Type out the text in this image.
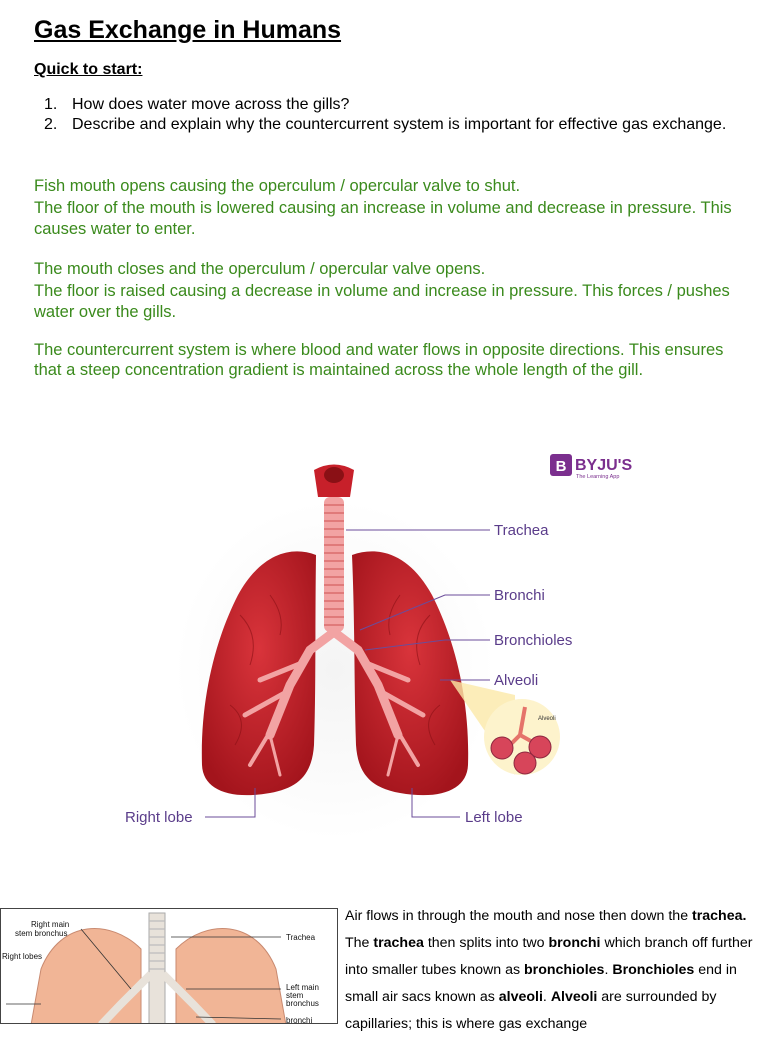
Gas Exchange in Humans
Quick to start:
1. How does water move across the gills?
2. Describe and explain why the countercurrent system is important for effective gas exchange.

Fish mouth opens causing the operculum / opercular valve to shut.
The floor of the mouth is lowered causing an increase in volume and decrease in pressure. This causes water to enter.

The mouth closes and the operculum / opercular valve opens.
The floor is raised causing a decrease in volume and increase in pressure. This forces / pushes water over the gills.

The countercurrent system is where blood and water flows in opposite directions. This ensures that a steep concentration gradient is maintained across the whole length of the gill.

B BYJU'S
The Learning App
Alveoli
Trachea
Bronchi
Bronchioles
Alveoli
Right lobe	Left lobe
Right main
stem bronchus
Right lobes
Trachea
Left main
stem
bronchus
bronchi

Air flows in through the mouth and nose then down the trachea. The trachea then splits into two bronchi which branch off further into smaller tubes known as bronchioles. Bronchioles end in small air sacs known as alveoli. Alveoli are surrounded by capillaries; this is where gas exchange
